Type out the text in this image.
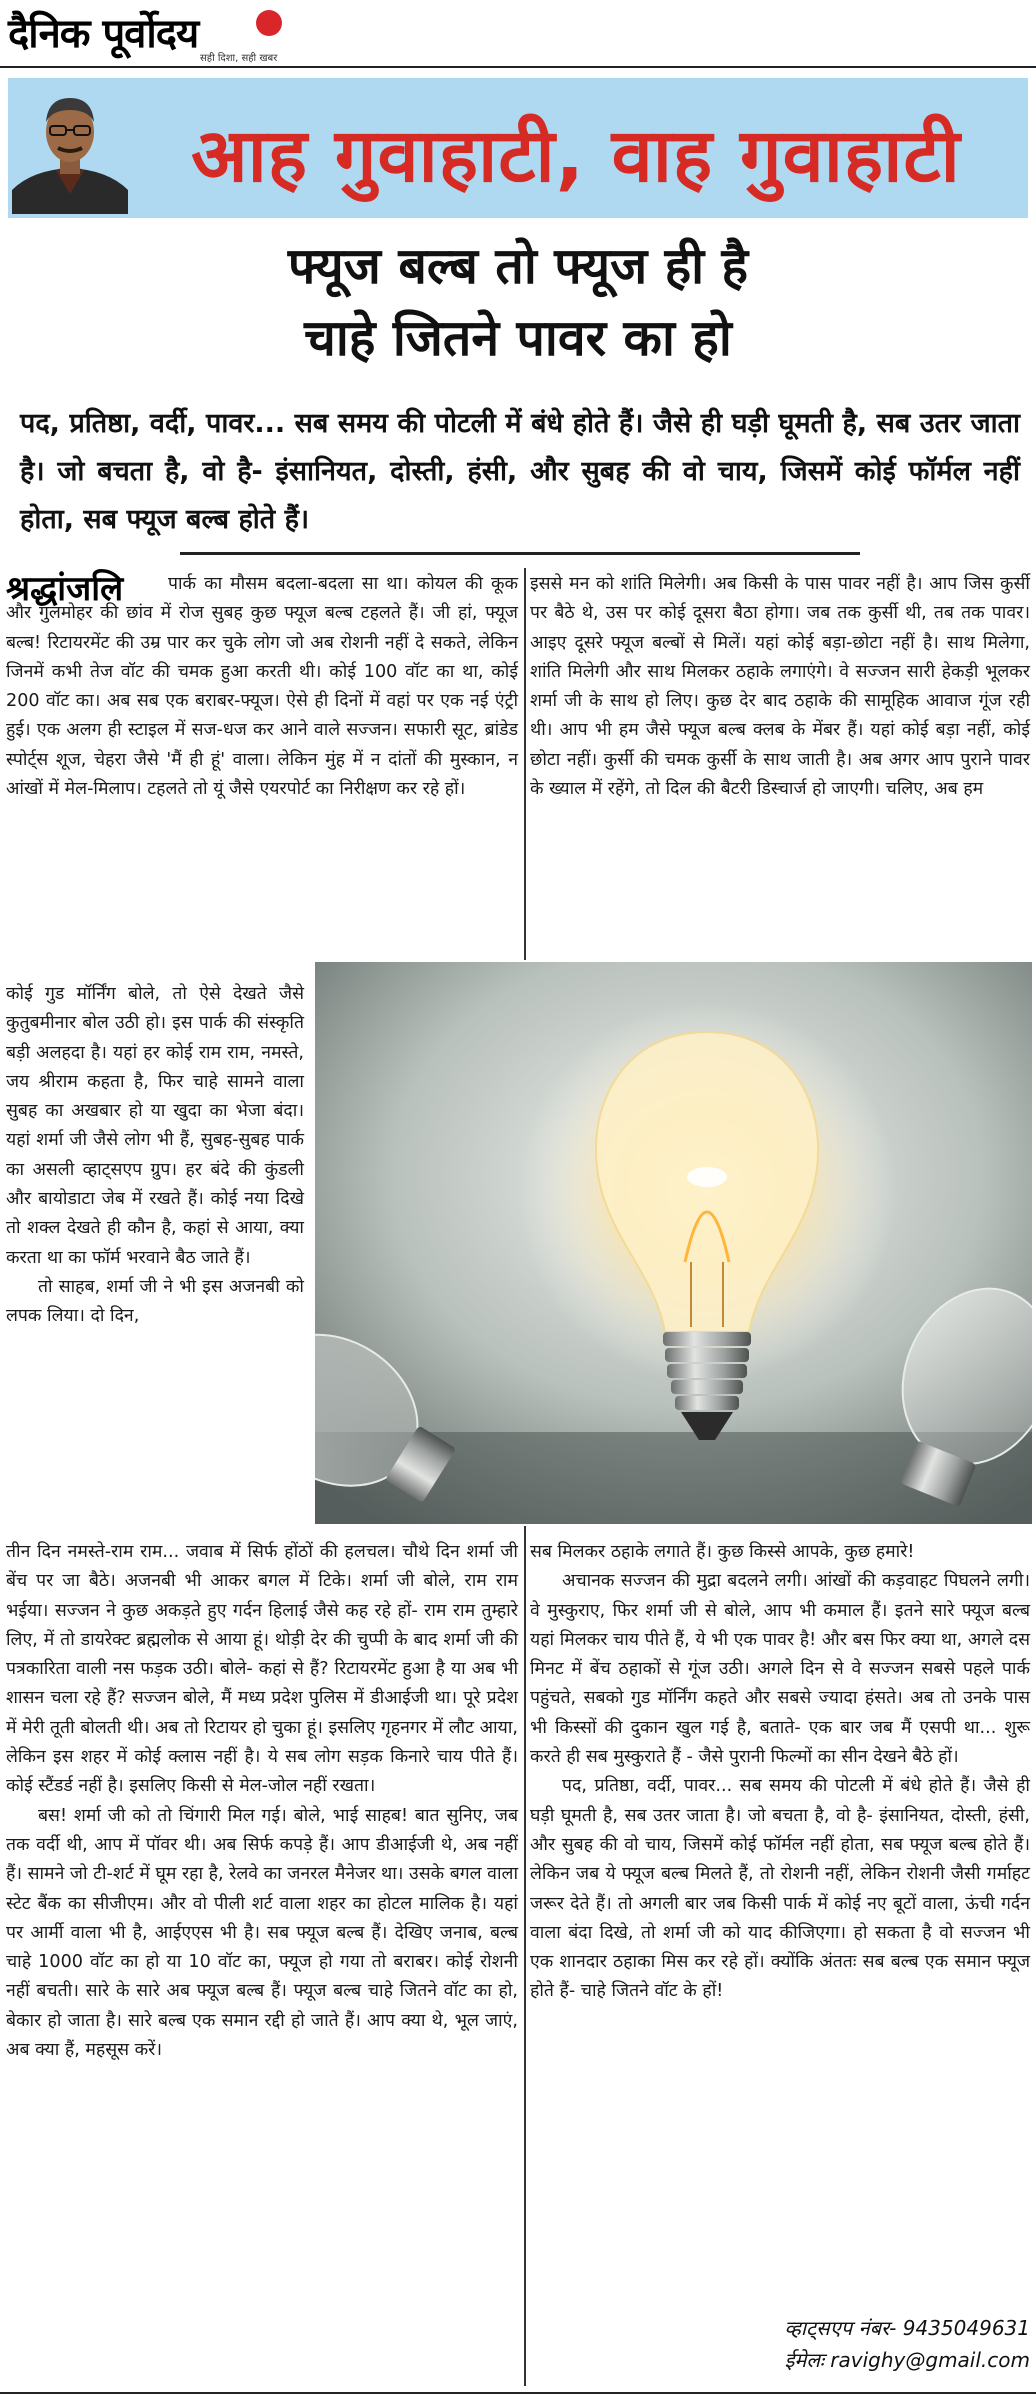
दैनिक पूर्वोदय
सही दिशा, सही खबर
आह गुवाहाटी, वाह गुवाहाटी
फ्यूज बल्ब तो फ्यूज ही है
चाहे जितने पावर का हो
पद, प्रतिष्ठा, वर्दी, पावर... सब समय की पोटली में बंधे होते हैं। जैसे ही घड़ी घूमती है, सब उतर जाता है। जो बचता है, वो है- इंसानियत, दोस्ती, हंसी, और सुबह की वो चाय, जिसमें कोई फॉर्मल नहीं होता, सब फ्यूज बल्ब होते हैं।
श्रद्धांजलि	पार्क का मौसम बदला-बदला सा था। कोयल की कूक और गुलमोहर की छांव में रोज सुबह कुछ फ्यूज बल्ब टहलते हैं। जी हां, फ्यूज बल्ब! रिटायरमेंट की उम्र पार कर चुके लोग जो अब रोशनी नहीं दे सकते, लेकिन जिनमें कभी तेज वॉट की चमक हुआ करती थी। कोई 100 वॉट का था, कोई 200 वॉट का। अब सब एक बराबर-फ्यूज। ऐसे ही दिनों में वहां पर एक नई एंट्री हुई। एक अलग ही स्टाइल में सज-धज कर आने वाले सज्जन। सफारी सूट, ब्रांडेड स्पोर्ट्स शूज, चेहरा जैसे 'मैं ही हूं' वाला। लेकिन मुंह में न दांतों की मुस्कान, न आंखों में मेल-मिलाप। टहलते तो यूं जैसे एयरपोर्ट का निरीक्षण कर रहे हों।

कोई गुड मॉर्निंग बोले, तो ऐसे देखते जैसे कुतुबमीनार बोल उठी हो। इस पार्क की संस्कृति बड़ी अलहदा है। यहां हर कोई राम राम, नमस्ते, जय श्रीराम कहता है, फिर चाहे सामने वाला सुबह का अखबार हो या खुदा का भेजा बंदा। यहां शर्मा जी जैसे लोग भी हैं, सुबह-सुबह पार्क का असली व्हाट्सएप ग्रुप। हर बंदे की कुंडली और बायोडाटा जेब में रखते हैं। कोई नया दिखे तो शक्ल देखते ही कौन है, कहां से आया, क्या करता था का फॉर्म भरवाने बैठ जाते हैं।

तो साहब, शर्मा जी ने भी इस अजनबी को लपक लिया। दो दिन,

तीन दिन नमस्ते-राम राम... जवाब में सिर्फ होंठों की हलचल। चौथे दिन शर्मा जी बेंच पर जा बैठे। अजनबी भी आकर बगल में टिके। शर्मा जी बोले, राम राम भईया। सज्जन ने कुछ अकड़ते हुए गर्दन हिलाई जैसे कह रहे हों- राम राम तुम्हारे लिए, में तो डायरेक्ट ब्रह्मलोक से आया हूं। थोड़ी देर की चुप्पी के बाद शर्मा जी की पत्रकारिता वाली नस फड़क उठी। बोले- कहां से हैं? रिटायरमेंट हुआ है या अब भी शासन चला रहे हैं? सज्जन बोले, मैं मध्य प्रदेश पुलिस में डीआईजी था। पूरे प्रदेश में मेरी तूती बोलती थी। अब तो रिटायर हो चुका हूं। इसलिए गृहनगर में लौट आया, लेकिन इस शहर में कोई क्लास नहीं है। ये सब लोग सड़क किनारे चाय पीते हैं। कोई स्टैंडर्ड नहीं है। इसलिए किसी से मेल-जोल नहीं रखता।

बस! शर्मा जी को तो चिंगारी मिल गई। बोले, भाई साहब! बात सुनिए, जब तक वर्दी थी, आप में पॉवर थी। अब सिर्फ कपड़े हैं। आप डीआईजी थे, अब नहीं हैं। सामने जो टी-शर्ट में घूम रहा है, रेलवे का जनरल मैनेजर था। उसके बगल वाला स्टेट बैंक का सीजीएम। और वो पीली शर्ट वाला शहर का होटल मालिक है। यहां पर आर्मी वाला भी है, आईएएस भी है। सब फ्यूज बल्ब हैं। देखिए जनाब, बल्ब चाहे 1000 वॉट का हो या 10 वॉट का, फ्यूज हो गया तो बराबर। कोई रोशनी नहीं बचती। सारे के सारे अब फ्यूज बल्ब हैं। फ्यूज बल्ब चाहे जितने वॉट का हो, बेकार हो जाता है। सारे बल्ब एक समान रद्दी हो जाते हैं। आप क्या थे, भूल जाएं, अब क्या हैं, महसूस करें।

इससे मन को शांति मिलेगी। अब किसी के पास पावर नहीं है। आप जिस कुर्सी पर बैठे थे, उस पर कोई दूसरा बैठा होगा। जब तक कुर्सी थी, तब तक पावर। आइए दूसरे फ्यूज बल्बों से मिलें। यहां कोई बड़ा-छोटा नहीं है। साथ मिलेगा, शांति मिलेगी और साथ मिलकर ठहाके लगाएंगे। वे सज्जन सारी हेकड़ी भूलकर शर्मा जी के साथ हो लिए। कुछ देर बाद ठहाके की सामूहिक आवाज गूंज रही थी। आप भी हम जैसे फ्यूज बल्ब क्लब के मेंबर हैं। यहां कोई बड़ा नहीं, कोई छोटा नहीं। कुर्सी की चमक कुर्सी के साथ जाती है। अब अगर आप पुराने पावर के ख्याल में रहेंगे, तो दिल की बैटरी डिस्चार्ज हो जाएगी। चलिए, अब हम

सब मिलकर ठहाके लगाते हैं। कुछ किस्से आपके, कुछ हमारे!

अचानक सज्जन की मुद्रा बदलने लगी। आंखों की कड़वाहट पिघलने लगी। वे मुस्कुराए, फिर शर्मा जी से बोले, आप भी कमाल हैं। इतने सारे फ्यूज बल्ब यहां मिलकर चाय पीते हैं, ये भी एक पावर है! और बस फिर क्या था, अगले दस मिनट में बेंच ठहाकों से गूंज उठी। अगले दिन से वे सज्जन सबसे पहले पार्क पहुंचते, सबको गुड मॉर्निंग कहते और सबसे ज्यादा हंसते। अब तो उनके पास भी किस्सों की दुकान खुल गई है, बताते- एक बार जब मैं एसपी था... शुरू करते ही सब मुस्कुराते हैं - जैसे पुरानी फिल्मों का सीन देखने बैठे हों।

पद, प्रतिष्ठा, वर्दी, पावर... सब समय की पोटली में बंधे होते हैं। जैसे ही घड़ी घूमती है, सब उतर जाता है। जो बचता है, वो है- इंसानियत, दोस्ती, हंसी, और सुबह की वो चाय, जिसमें कोई फॉर्मल नहीं होता, सब फ्यूज बल्ब होते हैं। लेकिन जब ये फ्यूज बल्ब मिलते हैं, तो रोशनी नहीं, लेकिन रोशनी जैसी गर्माहट जरूर देते हैं। तो अगली बार जब किसी पार्क में कोई नए बूटों वाला, ऊंची गर्दन वाला बंदा दिखे, तो शर्मा जी को याद कीजिएगा। हो सकता है वो सज्जन भी एक शानदार ठहाका मिस कर रहे हों। क्योंकि अंततः सब बल्ब एक समान फ्यूज होते हैं- चाहे जितने वॉट के हों!

व्हाट्सएप नंबर- 9435049631
ईमेलः ravighy@gmail.com
